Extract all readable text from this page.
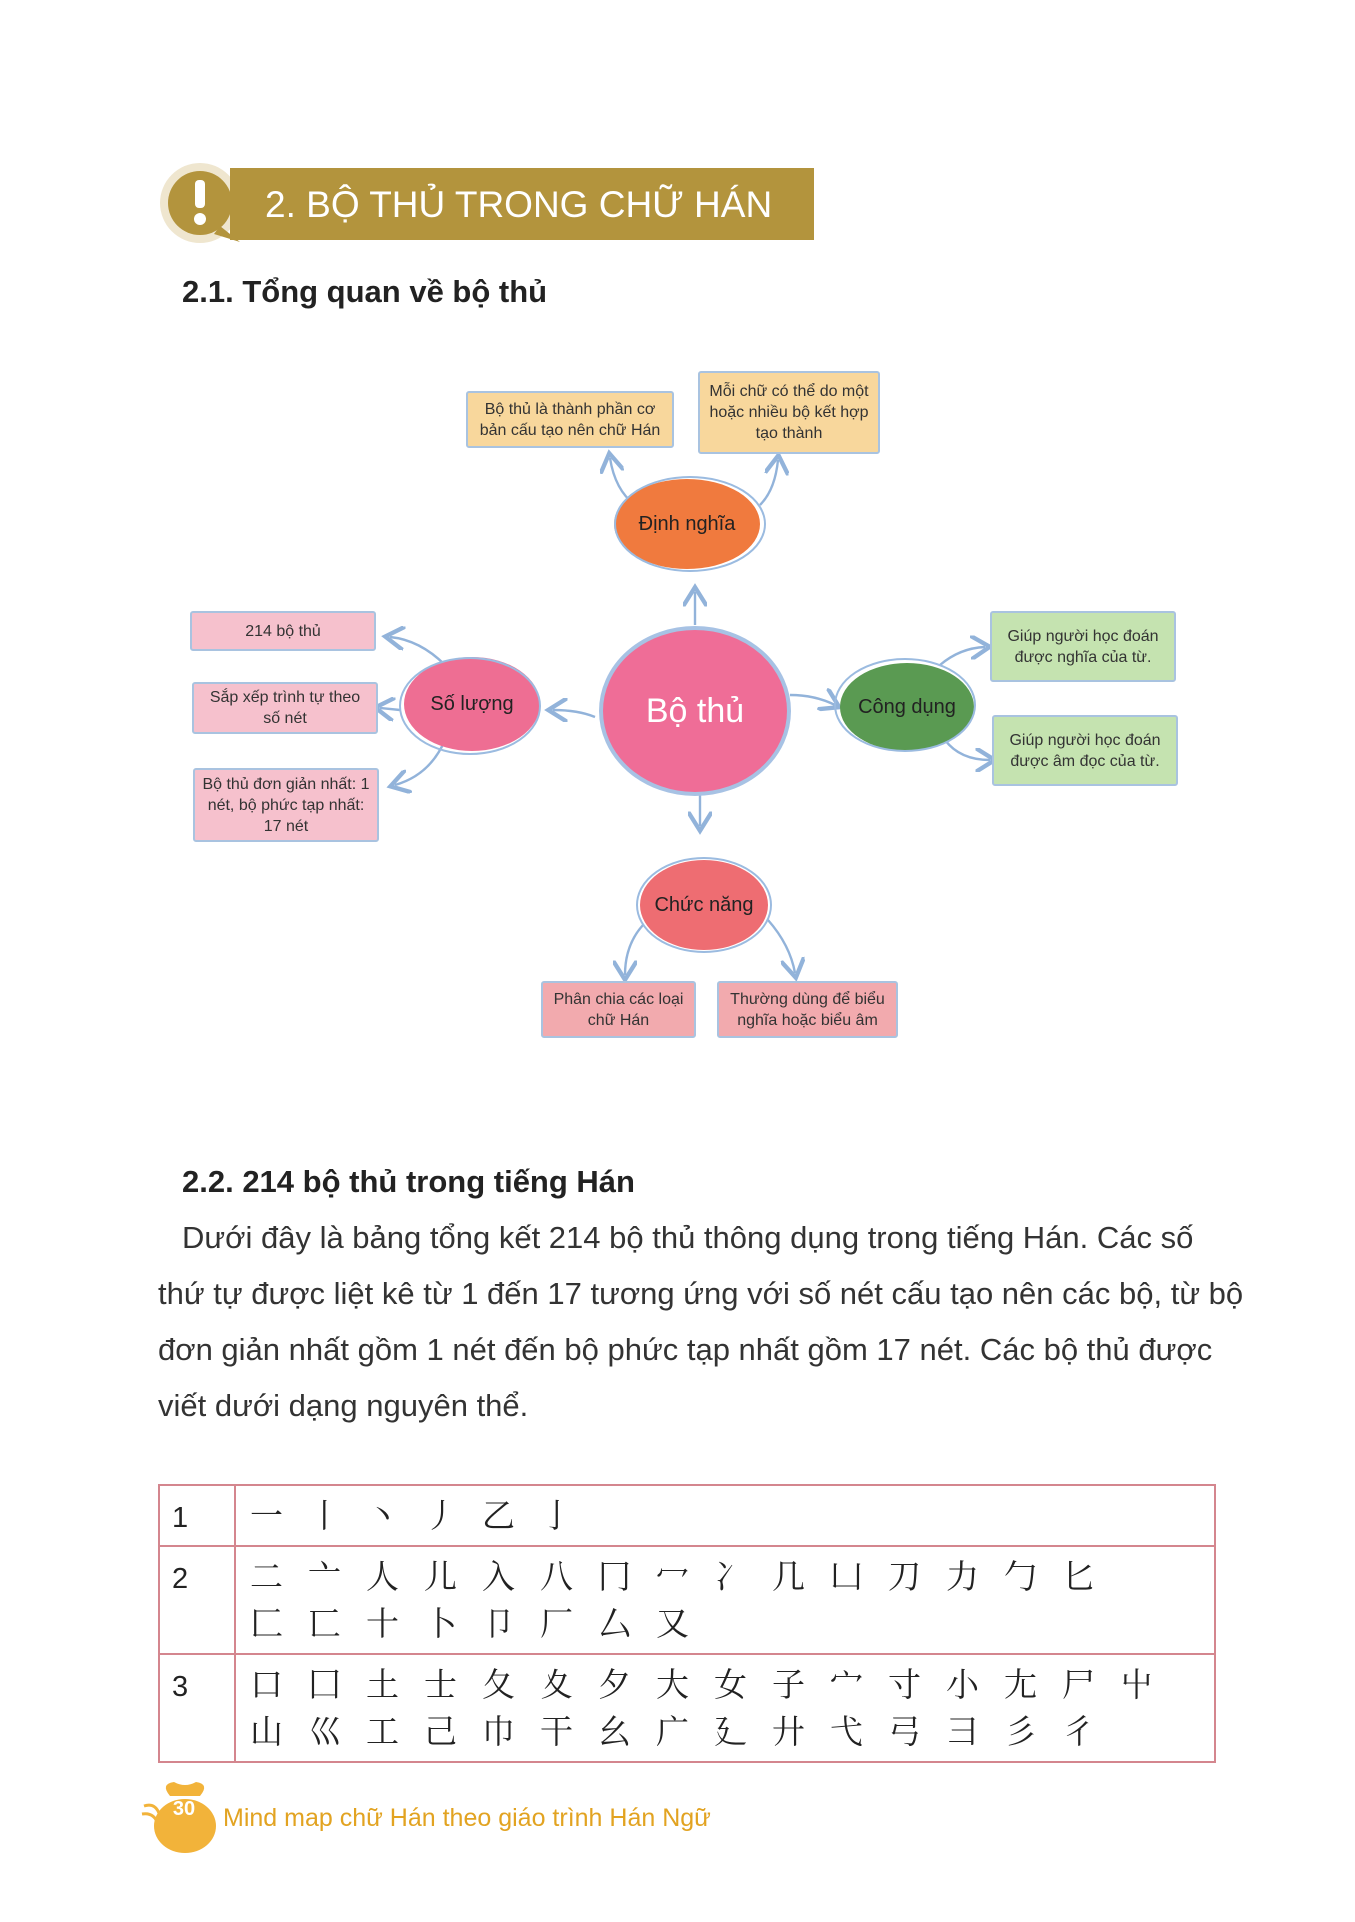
2. BỘ THỦ TRONG CHỮ HÁN
2.1. Tổng quan về bộ thủ
Bộ thủ
Định nghĩa
Số lượng	Công dụng
Chức năng
Bộ thủ là thành phần cơ bản cấu tạo nên chữ Hán
Mỗi chữ có thể do một hoặc nhiều bộ kết hợp tạo thành
214 bộ thủ
Sắp xếp trình tự theo số nét
Bộ thủ đơn giản nhất: 1 nét, bộ phức tạp nhất: 17 nét
Giúp người học đoán được nghĩa của từ.
Giúp người học đoán được âm đọc của từ.
Phân chia các loại chữ Hán
Thường dùng để biểu nghĩa hoặc biểu âm
2.2. 214 bộ thủ trong tiếng Hán
Dưới đây là bảng tổng kết 214 bộ thủ thông dụng trong tiếng Hán. Các số
thứ tự được liệt kê từ 1 đến 17 tương ứng với số nét cấu tạo nên các bộ, từ bộ
đơn giản nhất gồm 1 nét đến bộ phức tạp nhất gồm 17 nét. Các bộ thủ được
viết dưới dạng nguyên thể.
1	一 丨 丶 丿 乙 亅

2	二 亠 人 儿 入 八 冂 冖 冫 几 凵 刀 力 勹 匕
匚 匸 十 卜 卩 厂 厶 又

3	口 囗 土 士 夂 夊 夕 大 女 子 宀 寸 小 尢 尸 屮
山 巛 工 己 巾 干 幺 广 廴 廾 弋 弓 彐 彡 彳
30	Mind map chữ Hán theo giáo trình Hán Ngữ
